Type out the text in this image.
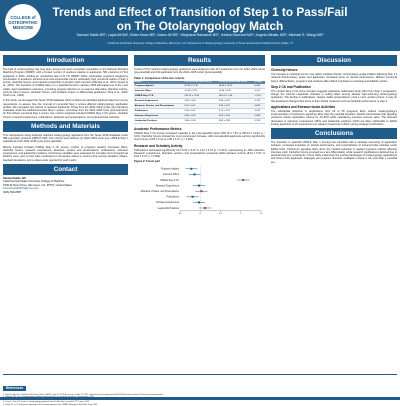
COLLEGE of
OSTEOPATHIC
MEDICINE
Trends and Effect of Transition of Step 1 to Pass/Fail on The Otolaryngology Match
Samuel Saldo BS¹, Layla Ali BA¹, Brian Kwan BS¹, Adam Ali BS¹, Meghana Ranadive BS¹, Ieesha Hazzard MD², Angela Mihalic MD², Michael S. Wang MD²
¹ California Northstate University College of Medicine, Elk Grove, CA ² Department of Otolaryngology, University of Texas Southwestern Medical Center, Dallas, TX
Introduction

The field of otolaryngology has long been among the most competitive specialties in the National Resident Matching Program (NRMP), with a limited number of positions relative to applicants. 581 positions for 514 applicants in 2024, yielding an unmatched rate of 21.7% (NRMP, 2024). Historically, programs weighted a combination of academic achievements and experiential metrics particularly high numerical values of Step 1 scores, clerkship honors, and research productivity to predict match success (Gillespie et al., 2021; Grewe et al., 2023). The transition of USMLE Step 1 to a pass/fail format in January 2022 eliminated one of the most widely used quantitative measures, prompting program directors to re-examine alternative objective metrics, such as Step 2 scores, clerkship honors, and scholarly output, to differentiate applicants (Yang et al., 2023; Smith et al., 2024).

In this study, we leveraged the Texas STAR database which contains de-identified applicant data from survey respondents, to assess how the removal of numerical Step 1 scores affected otolaryngology application profiles. We compared two cohorts of matched applicants: Those from the 2022–2023 cycles (pre-transition) evaluated under the traditional scored Step 1 system, and those from the 2024–2025 cycle (post-transition) for first without numerical Step 1 scores. Key metrics analyzed included USMLE Step 2 CK scores, clerkship honors, research experiences, publications, abstracts and presentations, and extracurricular activities.

Methods and Materials

This retrospective study analyzed matched otolaryngology applicants from the Texas STAR database under IRB exemption (protocol 1388-07-349). Two cohorts were defined: (1) 2022–2023 cycle (pre–USMLE Step 1 pass/fail) and the 2024–2025 cycle (post–pass/fail).

Metrics included included USMLE Step 2 CK scores, number of programs applied, interviews offers, clerkship honors, research experiences, abstracts, posters and presentations, publications, volunteer experiences, and leadership positions. Continuous variables were assessed for normality and compared via Welch's t-test, and χ² tests were conducted on chi-square values to control more scoring variables. Means, standard deviations, and p-values were reported for each metric.

Contact
Samuel Saldo, BS
California Northstate University College of Medicine
9700 W Taron Drive, Elk Grove, CA, 95757, United States
samuel.saldo3801@cnsu.edu
(626) 839-0587
Results

A total of 670 matched otolaryngology applicants were analyzed, with 327 applicants from the 2022–2023 cohort (pre-pass/fail) and 343 applicants from the 2024–2025 cohort (post-pass/fail).

Table 1: Comparison of the two cohorts
Metric	Pre-Pass/Fail (2022–2023)	Post-Pass/Fail (2024–2025)	p-value
Programs Applied	62.39 ± 27.16	56.94 ± 22.23	0.005
Interview Offers	12.29 ± 5.18	11.60 ± 4.87	0.211
USMLE Step 2 CK	250.13 ± 11.94	260.79 ± 7.66	< 0.01
Research Experiences	5.93 ± 3.09	5.84 ± 2.82	0.725
Abstracts, Posters, and Presentations	8.24 ± 6.47	8.44 ± 5.97	0.694
Publications	5.04 ± 5.07	4.12 ± 4.75	0.013
Volunteer Experiences	6.66 ± 4.26	6.53 ± 3.94	0.683
Leadership Positions	3.49 ± 2.63	3.82 ± 2.99	0.128
Academic Performance Metrics

USMLE Step 2 CK scores increased markedly in the post-pass/fail cohort (260.79 ± 7.66 vs 250.13 ± 11.94, p < 0.01). Clerkship honors showed the most pronounced increase, with post-pass/fail applicants earning significantly more honors (4.83 ± 2.11 vs 4.08 ± 2.37, p < 0.001).

Research and Scholarly Activity

Publications decreased significantly from 5.04 ± 5.07 to 4.12 ± 4.75 (p = 0.013), representing an 18% reduction. Research experiences, abstracts, posters, and presentations remained stable between cohorts (8.44 ± 5.97 vs 8.24 ± 6.47, p = 0.694).

Figure 2: Forest plot
Programs Applied
Interview Offers
USMLE Step 2 CK
Research Experiences
Abstracts, Posters, and Presentations
Publications
Volunteer Experiences
Leadership Positions
-0.5	0	0.5	1	1.5
Discussion
Clerkship Honors

The increase in clerkship honors may reflect medical schools' compensatory grade inflation following Step 1's reduced discriminatory power and applicants' increased focus on clinical performance. Without numerical Step 1 differentiation, programs and students alike shifted emphasis to remaining quantifiable metrics.

Step 2 CK and Publication

The modest Step 2 CK score increase suggests applicants reallocated study effort from Step 1 preparation, though the minimal magnitude indicates a ceiling effect among already high-achieving otolaryngology applicants. The decline in publications, despite stable presentations, point a more unclear picture. It may be that applicants changed their focus to their clinical measures such as clerkship performance or step 2.

Applications and Extracurricular Activities

The substantial reduction in applications from 62 to 56 programs likely reflects otolaryngology's implementation of preference signaling rather than the pass/fail transition. Studies demonstrate that signaling programs reduce application volume by 10–30% while maintaining interview success rates. The dramatic decreases in volunteer experiences (49%) and leadership positions (22%) are likely attributable to ERAS limiting applicants to 10 experiences per category beginning in 2024, turning strategic prioritization.

Conclusions

The transition to pass/fail USMLE Step 1 scoring has coincided with a strategic narrowing of application behavior, increased emphasis on clinical performance, and reprioritization of extracurricular activities under ERAS limits. Preference signaling likely drove the marked reduction in applied programs without affecting interview yield. Clerkship honors emerged as a key differentiator, while research (publications declined due to practical and time constraints). These shifts underscore the evolving landscape of otolaryngology applications and inform both applicants' strategies and program directors' evaluation criteria in the post-Step 1 pass/fail era.

References
1. Results and Data: 2024 Main Residency Match. NRMP, June 30, 2024. Accessed October 22, 2025. https://www.nrmp.org/match-data/2024/06/results-and-data-2024-main-residency-match/
4. Yang JC, Kim HJ. Trends in otolaryngology applicant metrics after Step 1 pass/fail. OTO Open. 2023.
5. Smith PG, et al. Preference signaling and the otolaryngology match. JAMA Otolaryngol Head Neck Surg. 2024.
